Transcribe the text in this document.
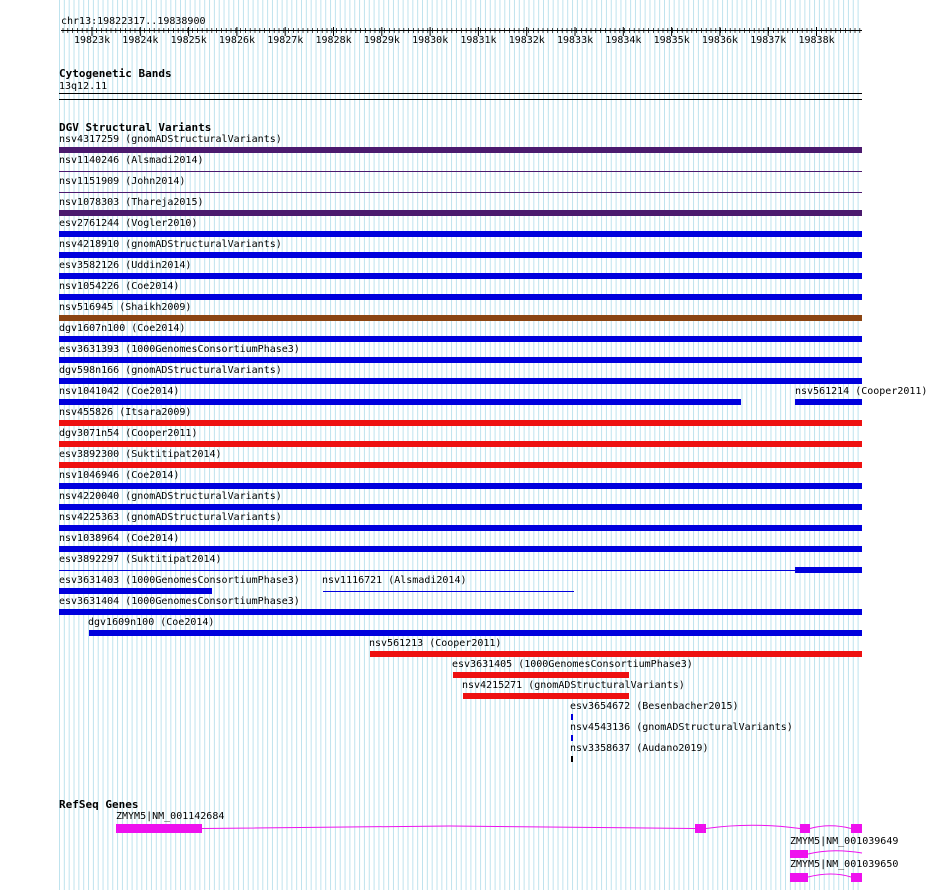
chr13:19822317..19838900
Cytogenetic Bands
13q12.11
DGV Structural Variants
nsv4317259 (gnomADStructuralVariants)
nsv1140246 (Alsmadi2014)
nsv1151909 (John2014)
nsv1078303 (Thareja2015)
esv2761244 (Vogler2010)
nsv4218910 (gnomADStructuralVariants)
esv3582126 (Uddin2014)
nsv1054226 (Coe2014)
nsv516945 (Shaikh2009)
dgv1607n100 (Coe2014)
esv3631393 (1000GenomesConsortiumPhase3)
dgv598n166 (gnomADStructuralVariants)
nsv1041042 (Coe2014)	nsv561214 (Cooper2011)
nsv455826 (Itsara2009)
dgv3071n54 (Cooper2011)
esv3892300 (Suktitipat2014)
nsv1046946 (Coe2014)
nsv4220040 (gnomADStructuralVariants)
nsv4225363 (gnomADStructuralVariants)
nsv1038964 (Coe2014)
esv3892297 (Suktitipat2014)
esv3631403 (1000GenomesConsortiumPhase3) nsv1116721 (Alsmadi2014)
esv3631404 (1000GenomesConsortiumPhase3)
dgv1609n100 (Coe2014)
nsv561213 (Cooper2011)
esv3631405 (1000GenomesConsortiumPhase3)
nsv4215271 (gnomADStructuralVariants)
esv3654672 (Besenbacher2015)
nsv4543136 (gnomADStructuralVariants)
nsv3358637 (Audano2019)
RefSeq Genes
ZMYM5|NM_001142684
ZMYM5|NM_001039649
ZMYM5|NM_001039650
19823k 19824k 19825k 19826k 19827k 19828k 19829k 19830k 19831k 19832k 19833k 19834k 19835k 19836k 19837k 19838k
